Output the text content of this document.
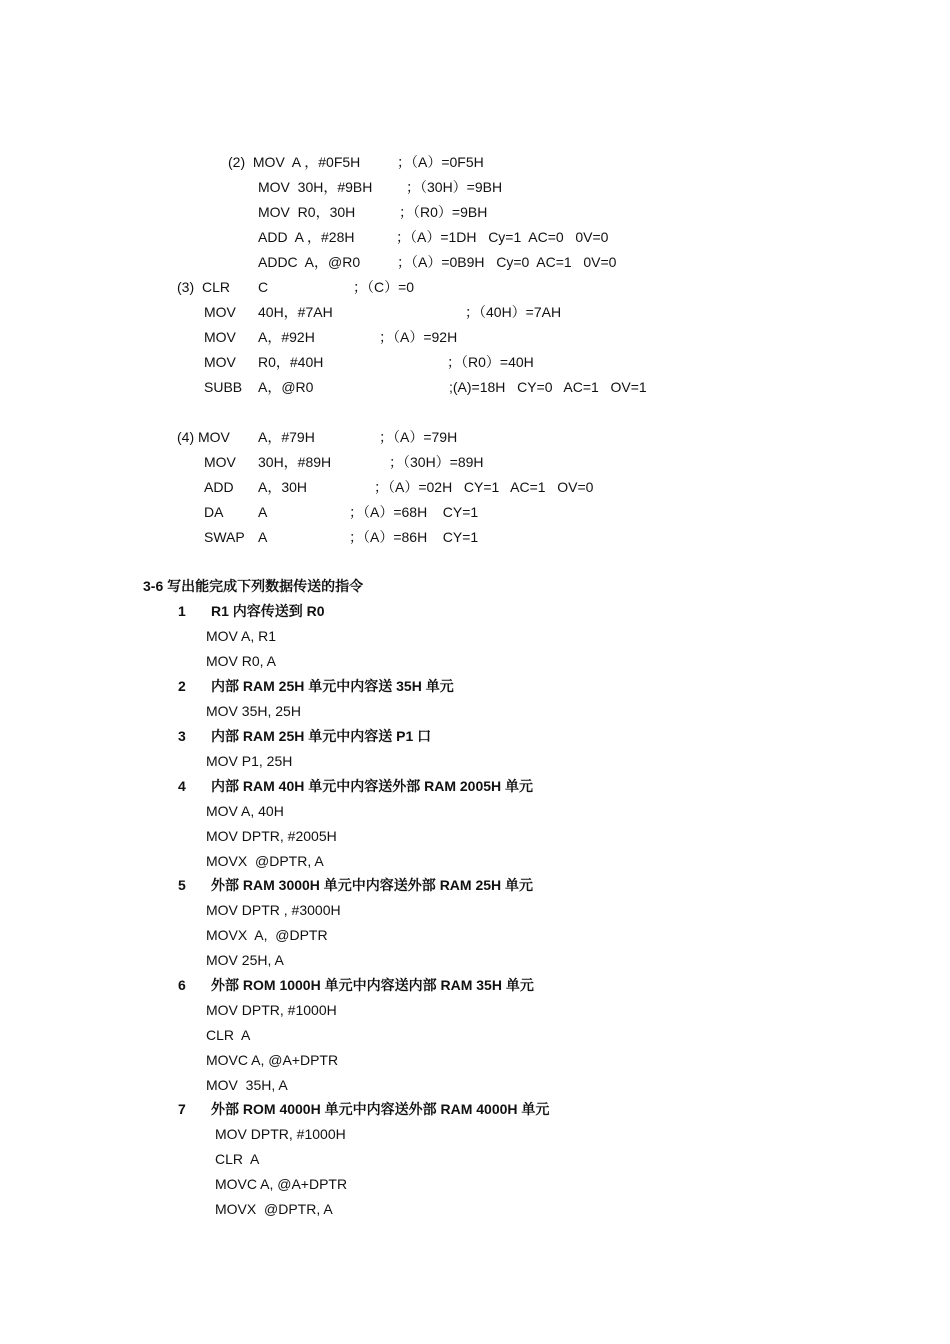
(2)  MOV  A ，#0F5H	；（A）=0F5H
MOV  30H，#9BH ；（30H）=9BH
MOV  R0，30H	；（R0）=9BH
ADD  A ，#28H	；（A）=1DH   Cy=1  AC=0   0V=0
ADDC  A，@R0	；（A）=0B9H   Cy=0  AC=1   0V=0
(3) CLR C	；（C）=0
MOV 40H，#7AH	；（40H）=7AH
MOV A，#92H	；（A）=92H
MOV R0，#40H	；（R0）=40H
SUBB A，@R0	;(A)=18H   CY=0   AC=1   OV=1
(4) MOV A，#79H	；（A）=79H
MOV 30H，#89H	；（30H）=89H
ADD A，30H	；（A）=02H   CY=1   AC=1   OV=0
DA A	；（A）=68H    CY=1
SWAP A	；（A）=86H    CY=1
3-6 写出能完成下列数据传送的指令
1 R1 内容传送到 R0
MOV A, R1
MOV R0, A
2 内部 RAM 25H 单元中内容送 35H 单元
MOV 35H, 25H
3 内部 RAM 25H 单元中内容送 P1 口
MOV P1, 25H
4 内部 RAM 40H 单元中内容送外部 RAM 2005H 单元
MOV A, 40H
MOV DPTR, #2005H
MOVX  @DPTR, A
5 外部 RAM 3000H 单元中内容送外部 RAM 25H 单元
MOV DPTR , #3000H
MOVX  A,  @DPTR
MOV 25H, A
6 外部 ROM 1000H 单元中内容送内部 RAM 35H 单元
MOV DPTR, #1000H
CLR  A
MOVC A, @A+DPTR
MOV  35H, A
7 外部 ROM 4000H 单元中内容送外部 RAM 4000H 单元
MOV DPTR, #1000H
CLR  A
MOVC A, @A+DPTR
MOVX  @DPTR, A
